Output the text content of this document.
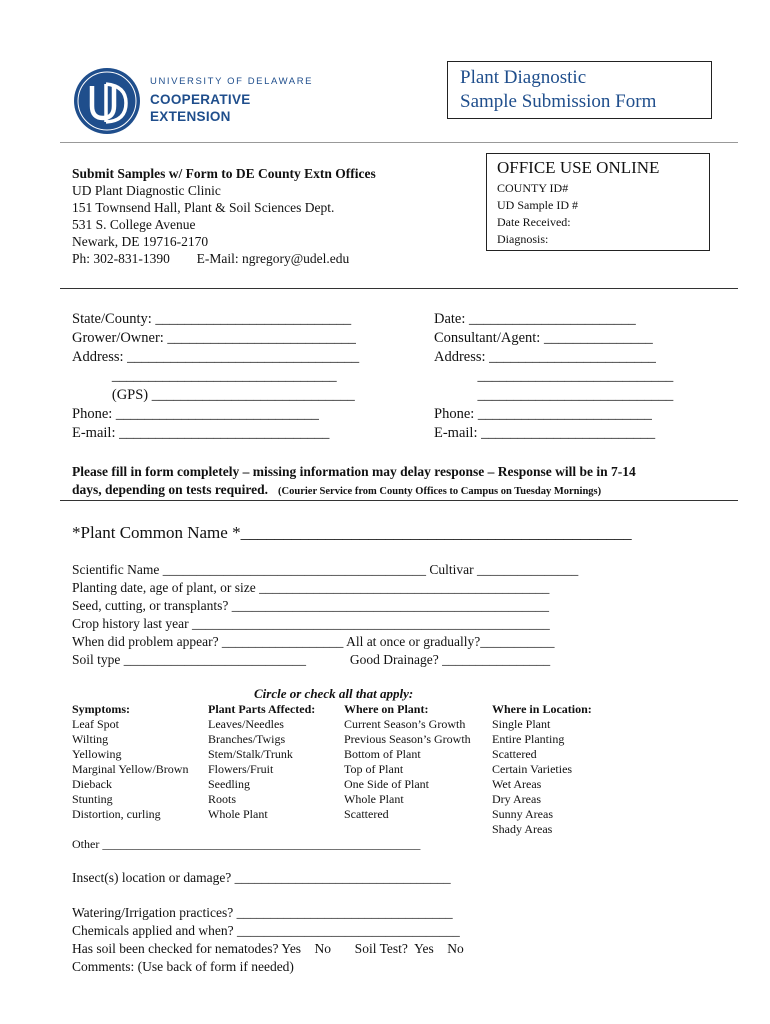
UNIVERSITY OF DELAWARE
COOPERATIVE
EXTENSION
Plant Diagnostic
Sample Submission Form
Submit Samples w/ Form to DE County Extn Offices
UD Plant Diagnostic Clinic
151 Townsend Hall, Plant & Soil Sciences Dept.
531 S. College Avenue
Newark, DE 19716-2170
Ph: 302-831-1390 E-Mail: ngregory@udel.edu
OFFICE USE ONLINE
COUNTY ID#
UD Sample ID #
Date Received:
Diagnosis:
State/County: ___________________________
Grower/Owner: __________________________
Address: ________________________________
_______________________________
(GPS) ____________________________
Phone: ____________________________
E-mail: _____________________________
Date: _______________________
Consultant/Agent: _______________
Address: _______________________
___________________________
___________________________
Phone: ________________________
E-mail: ________________________
Please fill in form completely – missing information may delay response – Response will be in 7-14
days, depending on tests required. (Courier Service from County Offices to Campus on Tuesday Mornings)
*Plant Common Name *______________________________________________
Scientific Name _______________________________________ Cultivar _______________
Planting date, age of plant, or size ___________________________________________
Seed, cutting, or transplants? _______________________________________________
Crop history last year _____________________________________________________
When did problem appear? __________________ All at once or gradually?___________
Soil type ___________________________             Good Drainage? ________________
Circle or check all that apply:
Symptoms:
Leaf Spot
Wilting
Yellowing
Marginal Yellow/Brown
Dieback
Stunting
Distortion, curling
Plant Parts Affected:
Leaves/Needles
Branches/Twigs
Stem/Stalk/Trunk
Flowers/Fruit
Seedling
Roots
Whole Plant
Where on Plant:
Current Season’s Growth
Previous Season’s Growth
Bottom of Plant
Top of Plant
One Side of Plant
Whole Plant
Scattered
Where in Location:
Single Plant
Entire Planting
Scattered
Certain Varieties
Wet Areas
Dry Areas
Sunny Areas
Shady Areas
Other _____________________________________________________
Insect(s) location or damage? ________________________________
Watering/Irrigation practices? ________________________________
Chemicals applied and when? _________________________________
Has soil been checked for nematodes? Yes    No       Soil Test?  Yes    No
Comments: (Use back of form if needed)
